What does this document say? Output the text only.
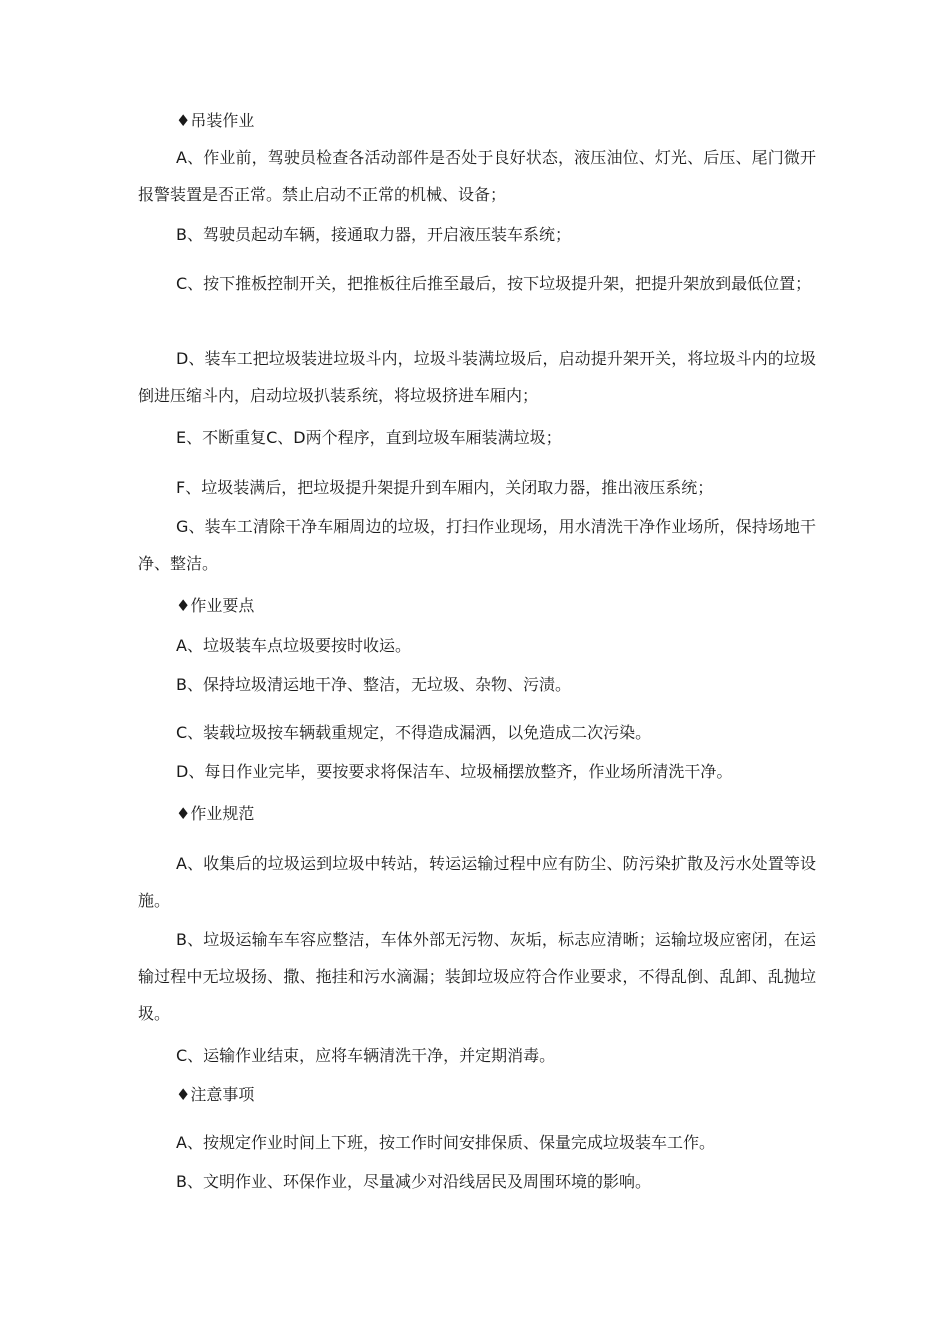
♦吊装作业

A、作业前，驾驶员检查各活动部件是否处于良好状态，液压油位、灯光、后压、尾门微开报警装置是否正常。禁止启动不正常的机械、设备；

B、驾驶员起动车辆，接通取力器，开启液压装车系统；

C、按下推板控制开关，把推板往后推至最后，按下垃圾提升架，把提升架放到最低位置；

D、装车工把垃圾装进垃圾斗内，垃圾斗装满垃圾后，启动提升架开关，将垃圾斗内的垃圾倒进压缩斗内，启动垃圾扒装系统，将垃圾挤进车厢内；

E、不断重复C、D两个程序，直到垃圾车厢装满垃圾；

F、垃圾装满后，把垃圾提升架提升到车厢内，关闭取力器，推出液压系统；

G、装车工清除干净车厢周边的垃圾，打扫作业现场，用水清洗干净作业场所，保持场地干净、整洁。

♦作业要点

A、垃圾装车点垃圾要按时收运。

B、保持垃圾清运地干净、整洁，无垃圾、杂物、污渍。

C、装载垃圾按车辆载重规定，不得造成漏洒，以免造成二次污染。

D、每日作业完毕，要按要求将保洁车、垃圾桶摆放整齐，作业场所清洗干净。

♦作业规范

A、收集后的垃圾运到垃圾中转站，转运运输过程中应有防尘、防污染扩散及污水处置等设施。

B、垃圾运输车车容应整洁，车体外部无污物、灰垢，标志应清晰；运输垃圾应密闭，在运输过程中无垃圾扬、撒、拖挂和污水滴漏；装卸垃圾应符合作业要求，不得乱倒、乱卸、乱抛垃圾。

C、运输作业结束，应将车辆清洗干净，并定期消毒。

♦注意事项

A、按规定作业时间上下班，按工作时间安排保质、保量完成垃圾装车工作。

B、文明作业、环保作业，尽量减少对沿线居民及周围环境的影响。
